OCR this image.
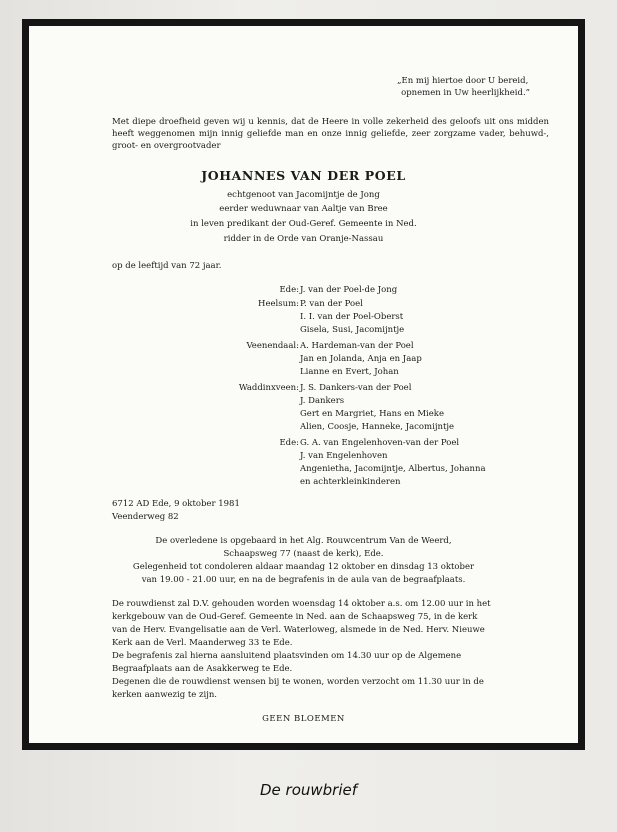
„En mij hiertoe door U bereid,
opnemen in Uw heerlijkheid.”
Met diepe droefheid geven wij u kennis, dat de Heere in volle zekerheid des geloofs uit ons midden heeft weggenomen mijn innig geliefde man en onze innig geliefde, zeer zorgzame vader, behuwd-, groot- en overgrootvader
JOHANNES VAN DER POEL
echtgenoot van Jacomijntje de Jong
eerder weduwnaar van Aaltje van Bree
in leven predikant der Oud-Geref. Gemeente in Ned.
ridder in de Orde van Oranje-Nassau
op de leeftijd van 72 jaar.
Ede: J. van der Poel-de Jong
Heelsum: P. van der Poel
I. I. van der Poel-Oberst
Gisela, Susi, Jacomijntje
Veenendaal: A. Hardeman-van der Poel
Jan en Jolanda, Anja en Jaap
Lianne en Evert, Johan
Waddinxveen: J. S. Dankers-van der Poel
J. Dankers
Gert en Margriet, Hans en Mieke
Alien, Coosje, Hanneke, Jacomijntje
Ede: G. A. van Engelenhoven-van der Poel
J. van Engelenhoven
Angenietha, Jacomijntje, Albertus, Johanna
en achterkleinkinderen
6712 AD Ede, 9 oktober 1981
Veenderweg 82
De overledene is opgebaard in het Alg. Rouwcentrum Van de Weerd,
Schaapsweg 77 (naast de kerk), Ede.
Gelegenheid tot condoleren aldaar maandag 12 oktober en dinsdag 13 oktober
van 19.00 - 21.00 uur, en na de begrafenis in de aula van de begraafplaats.
De rouwdienst zal D.V. gehouden worden woensdag 14 oktober a.s. om 12.00 uur in het
kerkgebouw van de Oud-Geref. Gemeente in Ned. aan de Schaapsweg 75, in de kerk
van de Herv. Evangelisatie aan de Verl. Waterloweg, alsmede in de Ned. Herv. Nieuwe
Kerk aan de Verl. Maanderweg 33 te Ede.
De begrafenis zal hierna aansluitend plaatsvinden om 14.30 uur op de Algemene
Begraafplaats aan de Asakkerweg te Ede.
Degenen die de rouwdienst wensen bij te wonen, worden verzocht om 11.30 uur in de
kerken aanwezig te zijn.
GEEN BLOEMEN
De rouwbrief
